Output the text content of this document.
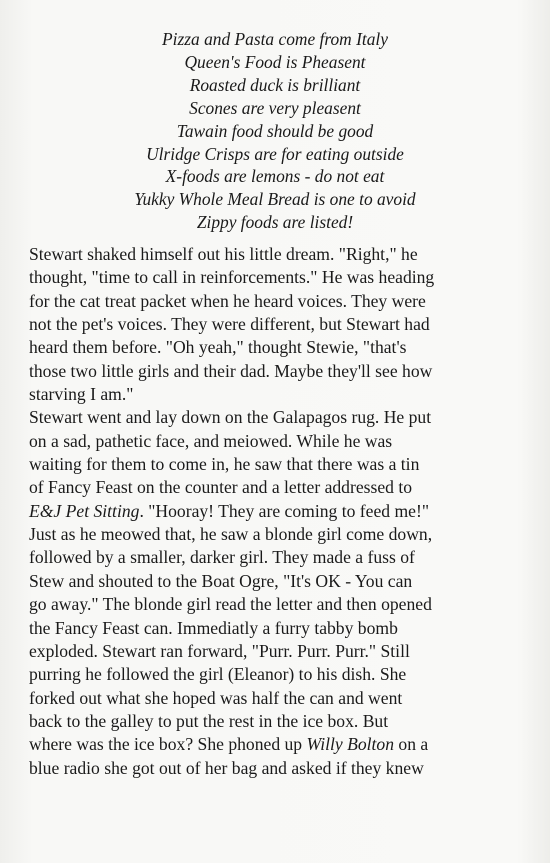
Pizza and Pasta come from Italy
Queen's Food is Pheasent
Roasted duck is brilliant
Scones are very pleasent
Tawain food should be good
Ulridge Crisps are for eating outside
X-foods are lemons - do not eat
Yukky Whole Meal Bread is one to avoid
Zippy foods are listed!

Stewart shaked himself out his little dream. "Right," he
thought, "time to call in reinforcements." He was heading
for the cat treat packet when he heard voices. They were
not the pet's voices. They were different, but Stewart had
heard them before. "Oh yeah," thought Stewie, "that's
those two little girls and their dad. Maybe they'll see how
starving I am."

Stewart went and lay down on the Galapagos rug. He put
on a sad, pathetic face, and meiowed. While he was
waiting for them to come in, he saw that there was a tin
of Fancy Feast on the counter and a letter addressed to
E&J Pet Sitting. "Hooray! They are coming to feed me!"
Just as he meowed that, he saw a blonde girl come down,
followed by a smaller, darker girl. They made a fuss of
Stew and shouted to the Boat Ogre, "It's OK - You can
go away." The blonde girl read the letter and then opened
the Fancy Feast can. Immediatly a furry tabby bomb
exploded. Stewart ran forward, "Purr. Purr. Purr." Still
purring he followed the girl (Eleanor) to his dish. She
forked out what she hoped was half the can and went
back to the galley to put the rest in the ice box. But
where was the ice box? She phoned up Willy Bolton on a
blue radio she got out of her bag and asked if they knew
